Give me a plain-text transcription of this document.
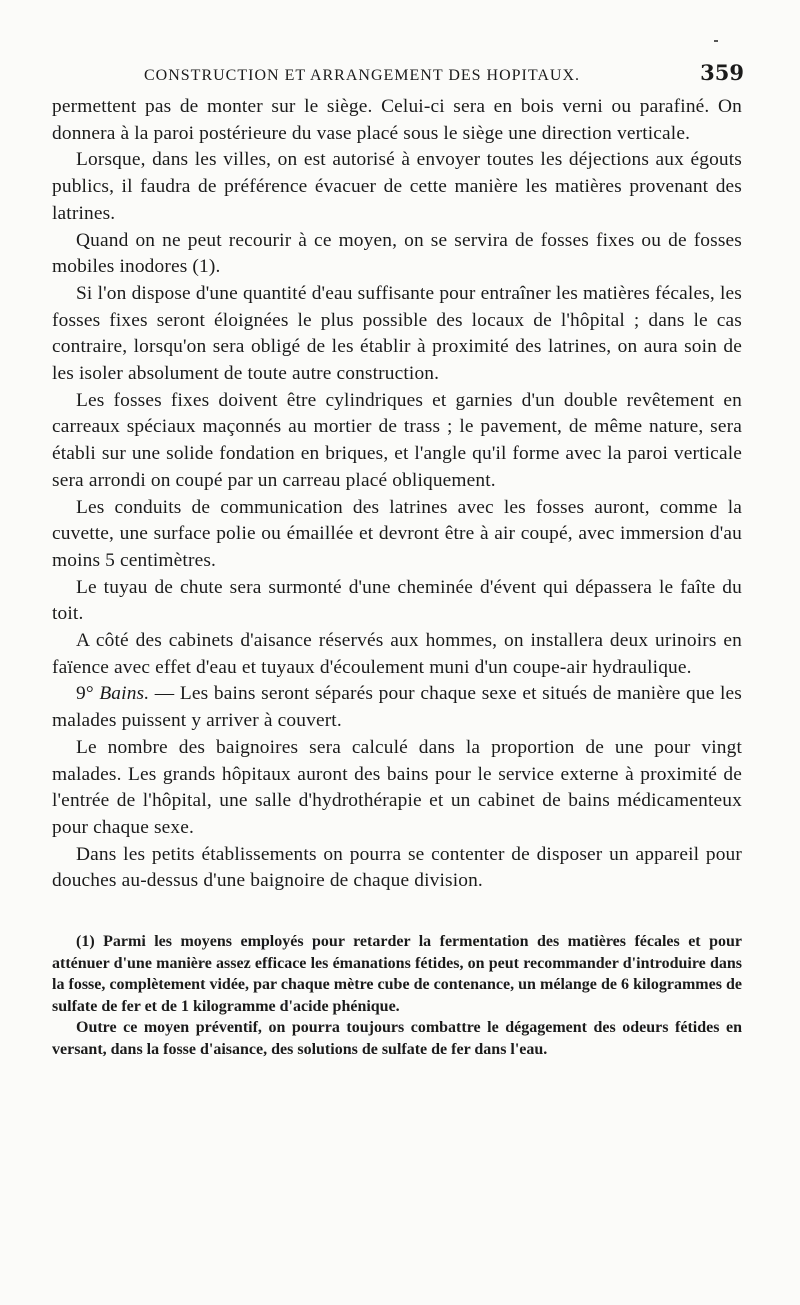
CONSTRUCTION ET ARRANGEMENT DES HOPITAUX.	359

permettent pas de monter sur le siège. Celui-ci sera en bois verni ou parafiné. On donnera à la paroi postérieure du vase placé sous le siège une direction verticale.

Lorsque, dans les villes, on est autorisé à envoyer toutes les déjections aux égouts publics, il faudra de préférence évacuer de cette manière les matières provenant des latrines.

Quand on ne peut recourir à ce moyen, on se servira de fosses fixes ou de fosses mobiles inodores (1).

Si l'on dispose d'une quantité d'eau suffisante pour entraîner les matières fécales, les fosses fixes seront éloignées le plus possible des locaux de l'hôpital ; dans le cas contraire, lorsqu'on sera obligé de les établir à proximité des latrines, on aura soin de les isoler absolument de toute autre construction.

Les fosses fixes doivent être cylindriques et garnies d'un double revêtement en carreaux spéciaux maçonnés au mortier de trass ; le pavement, de même nature, sera établi sur une solide fondation en briques, et l'angle qu'il forme avec la paroi verticale sera arrondi on coupé par un carreau placé obliquement.

Les conduits de communication des latrines avec les fosses auront, comme la cuvette, une surface polie ou émaillée et devront être à air coupé, avec immersion d'au moins 5 centimètres.

Le tuyau de chute sera surmonté d'une cheminée d'évent qui dépassera le faîte du toit.

A côté des cabinets d'aisance réservés aux hommes, on installera deux urinoirs en faïence avec effet d'eau et tuyaux d'écoulement muni d'un coupe-air hydraulique.

9° Bains. — Les bains seront séparés pour chaque sexe et situés de manière que les malades puissent y arriver à couvert.

Le nombre des baignoires sera calculé dans la proportion de une pour vingt malades. Les grands hôpitaux auront des bains pour le service externe à proximité de l'entrée de l'hôpital, une salle d'hydrothérapie et un cabinet de bains médicamenteux pour chaque sexe.

Dans les petits établissements on pourra se contenter de disposer un appareil pour douches au-dessus d'une baignoire de chaque division.

(1) Parmi les moyens employés pour retarder la fermentation des matières fécales et pour atténuer d'une manière assez efficace les émanations fétides, on peut recommander d'introduire dans la fosse, complètement vidée, par chaque mètre cube de contenance, un mélange de 6 kilogrammes de sulfate de fer et de 1 kilogramme d'acide phénique.

Outre ce moyen préventif, on pourra toujours combattre le dégagement des odeurs fétides en versant, dans la fosse d'aisance, des solutions de sulfate de fer dans l'eau.
